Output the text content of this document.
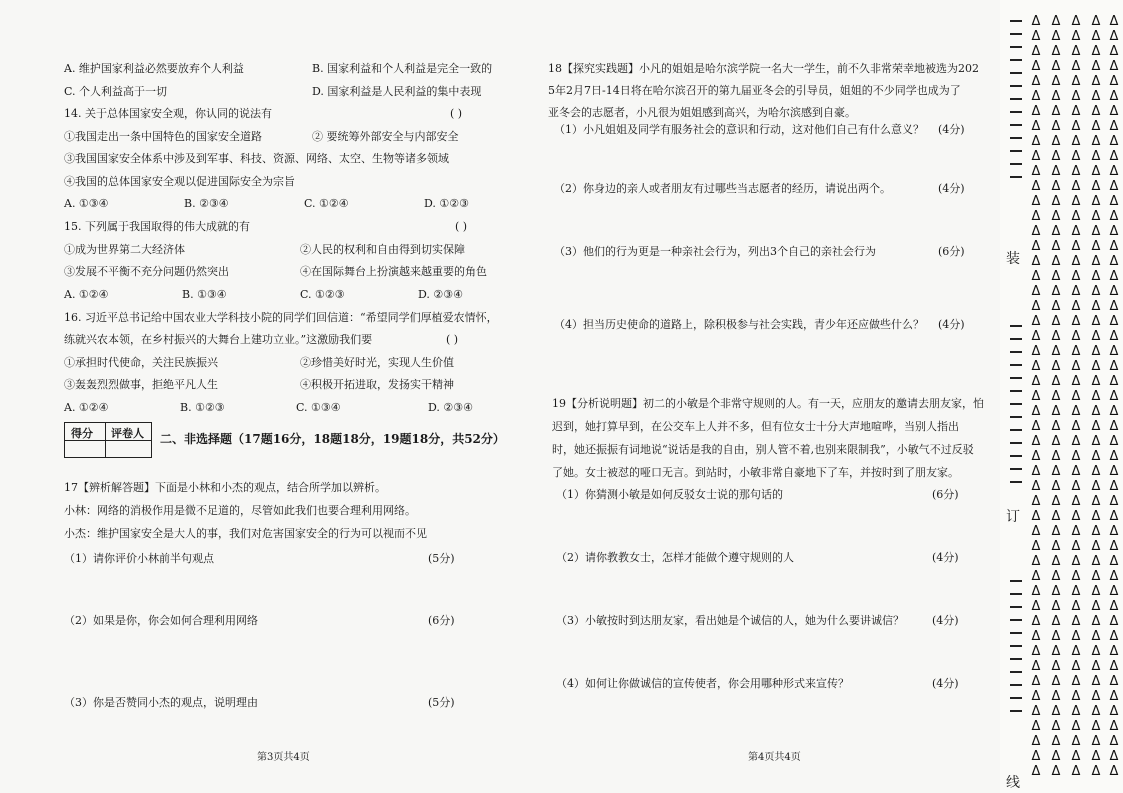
A. 维护国家利益必然要放弃个人利益	B. 国家利益和个人利益是完全一致的
C. 个人利益高于一切	D. 国家利益是人民利益的集中表现
14. 关于总体国家安全观，你认同的说法有	( )
①我国走出一条中国特色的国家安全道路	② 要统筹外部安全与内部安全
③我国国家安全体系中涉及到军事、科技、资源、网络、太空、生物等诸多领域
④我国的总体国家安全观以促进国际安全为宗旨
A. ①③④	B. ②③④	C. ①②④	D. ①②③
15. 下列属于我国取得的伟大成就的有	( )
①成为世界第二大经济体	②人民的权利和自由得到切实保障
③发展不平衡不充分问题仍然突出	④在国际舞台上扮演越来越重要的角色
A. ①②④	B. ①③④	C. ①②③	D. ②③④
16. 习近平总书记给中国农业大学科技小院的同学们回信道：“希望同学们厚植爱农情怀，
练就兴农本领，在乡村振兴的大舞台上建功立业。”这激励我们要	( )
①承担时代使命，关注民族振兴	②珍惜美好时光，实现人生价值
③轰轰烈烈做事，拒绝平凡人生	④积极开拓进取，发扬实干精神
A. ①②④	B. ①②③	C. ①③④	D. ②③④
得分 评卷人 二、非选择题（17题16分，18题18分，19题18分，共52分）
17【辨析解答题】下面是小林和小杰的观点，结合所学加以辨析。
小林：网络的消极作用是微不足道的，尽管如此我们也要合理利用网络。
小杰：维护国家安全是大人的事，我们对危害国家安全的行为可以视而不见
（1）请你评价小林前半句观点	(5分)
（2）如果是你，你会如何合理利用网络	(6分)
（3）你是否赞同小杰的观点，说明理由	(5分)
第3页共4页
18【探究实践题】小凡的姐姐是哈尔滨学院一名大一学生，前不久非常荣幸地被选为202
5年2月7日-14日将在哈尔滨召开的第九届亚冬会的引导员，姐姐的不少同学也成为了
亚冬会的志愿者，小凡很为姐姐感到高兴，为哈尔滨感到自豪。
（1）小凡姐姐及同学有服务社会的意识和行动，这对他们自己有什么意义？ (4分)
（2）你身边的亲人或者朋友有过哪些当志愿者的经历，请说出两个。	(4分)
（3）他们的行为更是一种亲社会行为，列出3个自己的亲社会行为	(6分)
（4）担当历史使命的道路上，除积极参与社会实践，青少年还应做些什么？ (4分)
19【分析说明题】初二的小敏是个非常守规则的人。有一天，应朋友的邀请去朋友家，怕
迟到，她打算早到，在公交车上人并不多，但有位女士十分大声地喧哗，当别人指出
时，她还振振有词地说“说话是我的自由，别人管不着,也别来限制我”，小敏气不过反驳
了她。女士被怼的哑口无言。到站时，小敏非常自豪地下了车，并按时到了朋友家。
（1）你猜测小敏是如何反驳女士说的那句话的	(6分)
（2）请你教教女士，怎样才能做个遵守规则的人	(4分)
（3）小敏按时到达朋友家，看出她是个诚信的人，她为什么要讲诚信？	(4分)
（4）如何让你做诚信的宣传使者，你会用哪种形式来宣传？	(4分)
第4页共4页
装
订
线
Δ
Δ
Δ
Δ
Δ
Δ
Δ
Δ
Δ
Δ
Δ
Δ
Δ
Δ
Δ
Δ
Δ
Δ
Δ
Δ
Δ
Δ
Δ
Δ
Δ
Δ
Δ
Δ
Δ
Δ
Δ
Δ
Δ
Δ
Δ
Δ
Δ
Δ
Δ
Δ
Δ
Δ
Δ
Δ
Δ
Δ
Δ
Δ
Δ
Δ
Δ
Δ
Δ
Δ
Δ
Δ
Δ
Δ
Δ
Δ
Δ
Δ
Δ
Δ
Δ
Δ
Δ
Δ
Δ
Δ
Δ
Δ
Δ
Δ
Δ
Δ
Δ
Δ
Δ
Δ
Δ
Δ
Δ
Δ
Δ
Δ
Δ
Δ
Δ
Δ
Δ
Δ
Δ
Δ
Δ
Δ
Δ
Δ
Δ
Δ
Δ
Δ
Δ
Δ
Δ
Δ
Δ
Δ
Δ
Δ
Δ
Δ
Δ
Δ
Δ
Δ
Δ
Δ
Δ
Δ
Δ
Δ
Δ
Δ
Δ
Δ
Δ
Δ
Δ
Δ
Δ
Δ
Δ
Δ
Δ
Δ
Δ
Δ
Δ
Δ
Δ
Δ
Δ
Δ
Δ
Δ
Δ
Δ
Δ
Δ
Δ
Δ
Δ
Δ
Δ
Δ
Δ
Δ
Δ
Δ
Δ
Δ
Δ
Δ
Δ
Δ
Δ
Δ
Δ
Δ
Δ
Δ
Δ
Δ
Δ
Δ
Δ
Δ
Δ
Δ
Δ
Δ
Δ
Δ
Δ
Δ
Δ
Δ
Δ
Δ
Δ
Δ
Δ
Δ
Δ
Δ
Δ
Δ
Δ
Δ
Δ
Δ
Δ
Δ
Δ
Δ
Δ
Δ
Δ
Δ
Δ
Δ
Δ
Δ
Δ
Δ
Δ
Δ
Δ
Δ
Δ
Δ
Δ
Δ
Δ
Δ
Δ
Δ
Δ
Δ
Δ
Δ
Δ
Δ
Δ
Δ
Δ
Δ
Δ
Δ
Δ
Δ
Δ
Δ
Δ
Δ
Δ
Δ
Δ
Δ
Δ
Δ
Δ
Δ
Δ
